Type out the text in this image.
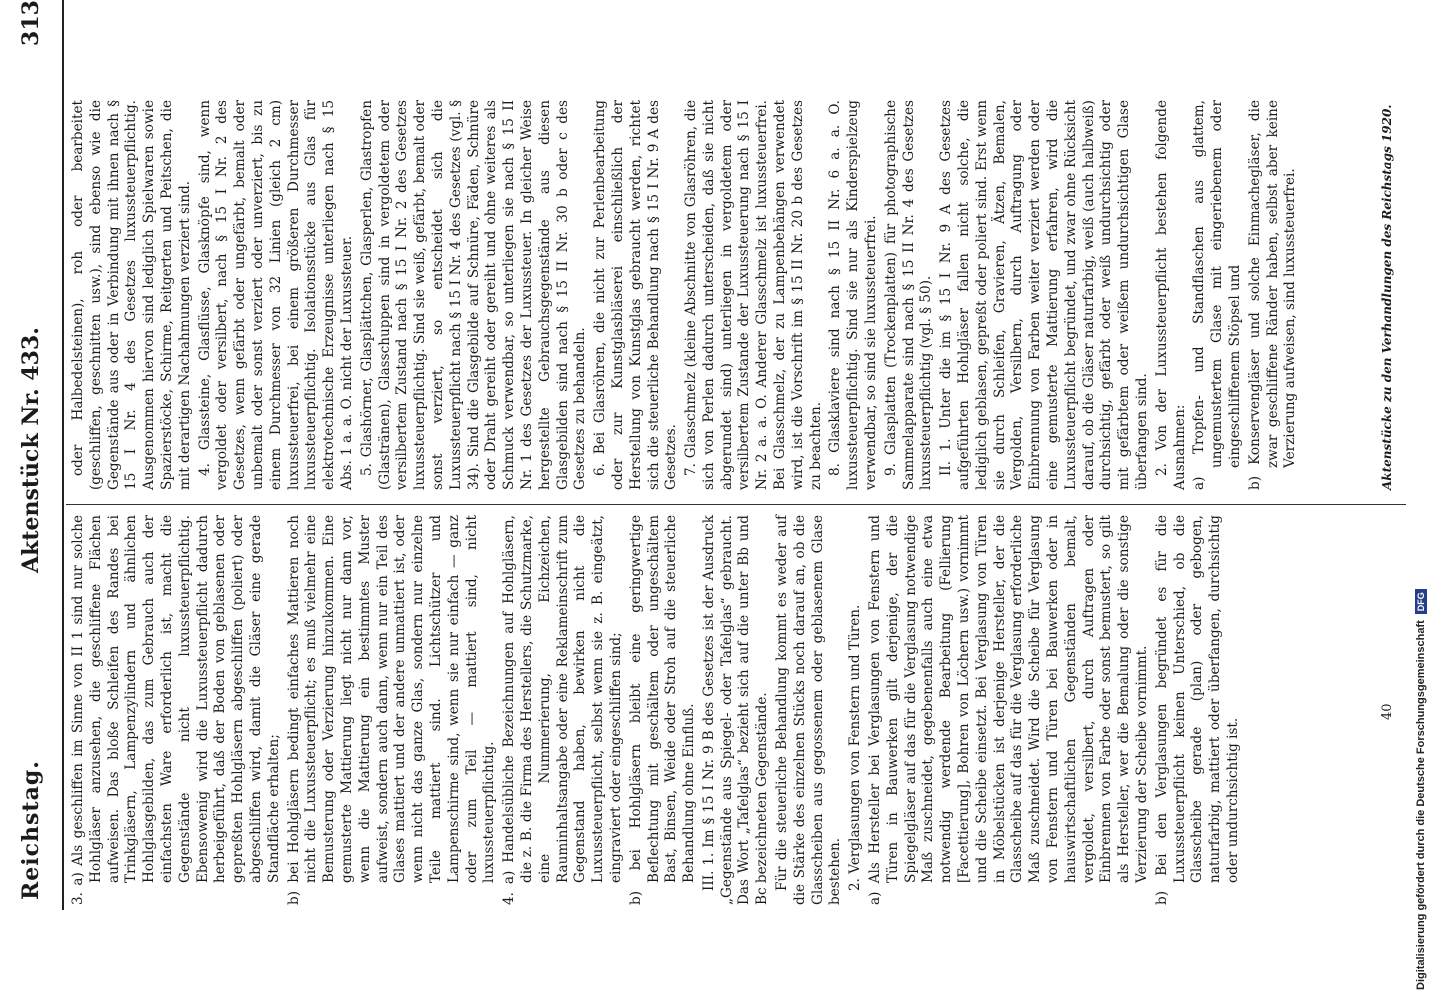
Reichstag.
Aktenstück Nr. 433.
313

3. a) Als geschliffen im Sinne von II 1 sind nur solche Hohlgläser anzusehen, die geschliffene Flächen aufweisen. Das bloße Schleifen des Randes bei Trinkgläsern, Lampenzylindern und ähnlichen Hohlglasgebilden, das zum Gebrauch auch der einfachsten Ware erforderlich ist, macht die Gegenstände nicht luxussteuerpflichtig. Ebensowenig wird die Luxussteuerpflicht dadurch herbeigeführt, daß der Boden von geblasenen oder gepreßten Hohlgläsern abgeschliffen (poliert) oder abgeschliffen wird, damit die Gläser eine gerade Standfläche erhalten; b) bei Hohlgläsern bedingt einfaches Mattieren noch nicht die Luxussteuerpflicht; es muß vielmehr eine Bemusterung oder Verzierung hinzukommen. Eine gemusterte Mattierung liegt nicht nur dann vor, wenn die Mattierung ein bestimmtes Muster aufweist, sondern auch dann, wenn nur ein Teil des Glases mattiert und der andere unmattiert ist, oder wenn nicht das ganze Glas, sondern nur einzelne Teile mattiert sind. Lichtschützer und Lampenschirme sind, wenn sie nur einfach — ganz oder zum Teil — mattiert sind, nicht luxussteuerpflichtig. 4. a) Handelsübliche Bezeichnungen auf Hohlgläsern, die z. B. die Firma des Herstellers, die Schutzmarke, eine Nummerierung, Eichzeichen, Rauminhaltsangabe oder eine Reklameinschrift zum Gegenstand haben, bewirken nicht die Luxussteuerpflicht, selbst wenn sie z. B. eingeätzt, eingraviert oder eingeschliffen sind; b) bei Hohlgläsern bleibt eine geringwertige Beflechtung mit geschältem oder ungeschältem Bast, Binsen, Weide oder Stroh auf die steuerliche Behandlung ohne Einfluß. III. 1. Im § 15 I Nr. 9 B des Gesetzes ist der Ausdruck „Gegenstände aus Spiegel- oder Tafelglas“ gebraucht. Das Wort „Tafelglas“ bezieht sich auf die unter Bb und Bc bezeichneten Gegenstände. Für die steuerliche Behandlung kommt es weder auf die Stärke des einzelnen Stücks noch darauf an, ob die Glasscheiben aus gegossenem oder geblasenem Glase bestehen. 2. Verglasungen von Fenstern und Türen. a) Als Hersteller bei Verglasungen von Fenstern und Türen in Bauwerken gilt derjenige, der die Spiegelgläser auf das für die Verglasung notwendige Maß zuschneidet, gegebenenfalls auch eine etwa notwendig werdende Bearbeitung (Fellierung [Facettierung], Bohren von Löchern usw.) vornimmt und die Scheibe einsetzt. Bei Verglasung von Türen in Möbelstücken ist derjenige Hersteller, der die Glasscheibe auf das für die Verglasung erforderliche Maß zuschneidet. Wird die Scheibe für Verglasung von Fenstern und Türen bei Bauwerken oder in hauswirtschaftlichen Gegenständen bemalt, vergoldet, versilbert, durch Auftragen oder Einbrennen von Farbe oder sonst bemustert, so gilt als Hersteller, wer die Bemalung oder die sonstige Verzierung der Scheibe vornimmt. b) Bei den Verglasungen begründet es für die Luxussteuerpflicht keinen Unterschied, ob die Glasscheibe gerade (plan) oder gebogen, naturfarbig, mattiert oder überfangen, durchsichtig oder undurchsichtig ist.

oder Halbedelsteinen), roh oder bearbeitet (geschliffen, geschnitten usw.), sind ebenso wie die Gegenstände aus oder in Verbindung mit ihnen nach § 15 I Nr. 4 des Gesetzes luxussteuerpflichtig. Ausgenommen hiervon sind lediglich Spielwaren sowie Spazierstöcke, Schirme, Reitgerten und Peitschen, die mit derartigen Nachahmungen verziert sind. 4. Glassteine, Glasflüsse, Glasknöpfe sind, wenn vergoldet oder versilbert, nach § 15 I Nr. 2 des Gesetzes, wenn gefärbt oder ungefärbt, bemalt oder unbemalt oder sonst verziert oder unverziert, bis zu einem Durchmesser von 32 Linien (gleich 2 cm) luxussteuerfrei, bei einem größeren Durchmesser luxussteuerpflichtig. Isolationsstücke aus Glas für elektrotechnische Erzeugnisse unterliegen nach § 15 Abs. 1 a. a. O. nicht der Luxussteuer. 5. Glashörner, Glasplättchen, Glasperlen, Glastropfen (Glastränen), Glasschuppen sind in vergoldetem oder versilbertem Zustand nach § 15 I Nr. 2 des Gesetzes luxussteuerpflichtig. Sind sie weiß, gefärbt, bemalt oder sonst verziert, so entscheidet sich die Luxussteuerpflicht nach § 15 I Nr. 4 des Gesetzes (vgl. § 34). Sind die Glasgebilde auf Schnüre, Fäden, Schnüre oder Draht gereiht oder gereiht und ohne weiteres als Schmuck verwendbar, so unterliegen sie nach § 15 II Nr. 1 des Gesetzes der Luxussteuer. In gleicher Weise hergestellte Gebrauchsgegenstände aus diesen Glasgebilden sind nach § 15 II Nr. 30 b oder c des Gesetzes zu behandeln. 6. Bei Glasröhren, die nicht zur Perlenbearbeitung oder zur Kunstglasbläserei einschließlich der Herstellung von Kunstglas gebraucht werden, richtet sich die steuerliche Behandlung nach § 15 I Nr. 9 A des Gesetzes. 7. Glasschmelz (kleine Abschnitte von Glasröhren, die sich von Perlen dadurch unterscheiden, daß sie nicht abgerundet sind) unterliegen in vergoldetem oder versilbertem Zustande der Luxussteuerung nach § 15 I Nr. 2 a. a. O. Anderer Glasschmelz ist luxussteuerfrei. Bei Glasschmelz, der zu Lampenbehängen verwendet wird, ist die Vorschrift im § 15 II Nr. 20 b des Gesetzes zu beachten. 8. Glasklaviere sind nach § 15 II Nr. 6 a. a. O. luxussteuerpflichtig. Sind sie nur als Kinderspielzeug verwendbar, so sind sie luxussteuerfrei. 9. Glasplatten (Trockenplatten) für photographische Sammelapparate sind nach § 15 II Nr. 4 des Gesetzes luxussteuerpflichtig (vgl. § 50). II. 1. Unter die im § 15 I Nr. 9 A des Gesetzes aufgeführten Hohlgläser fallen nicht solche, die lediglich geblasen, gepreßt oder poliert sind. Erst wenn sie durch Schleifen, Gravieren, Ätzen, Bemalen, Vergolden, Versilbern, durch Auftragung oder Einbrennung von Farben weiter verziert werden oder eine gemusterte Mattierung erfahren, wird die Luxussteuerpflicht begründet, und zwar ohne Rücksicht darauf, ob die Gläser naturfarbig, weiß (auch halbweiß) durchsichtig, gefärbt oder weiß undurchsichtig oder mit gefärbtem oder weißem undurchsichtigen Glase überfangen sind. 2. Von der Luxussteuerpflicht bestehen folgende Ausnahmen: a) Tropfen- und Standflaschen aus glattem, ungemustertem Glase mit eingeriebenem oder eingeschliffenem Stöpsel und b) Konservengläser und solche Einmachegläser, die zwar geschliffene Ränder haben, selbst aber keine Verzierung aufweisen, sind luxussteuerfrei.	Aktenstücke zu den Verhandlungen des Reichstags 1920.
40 Digitalisierung gefördert durch die Deutsche Forschungsgemeinschaft
DFG
